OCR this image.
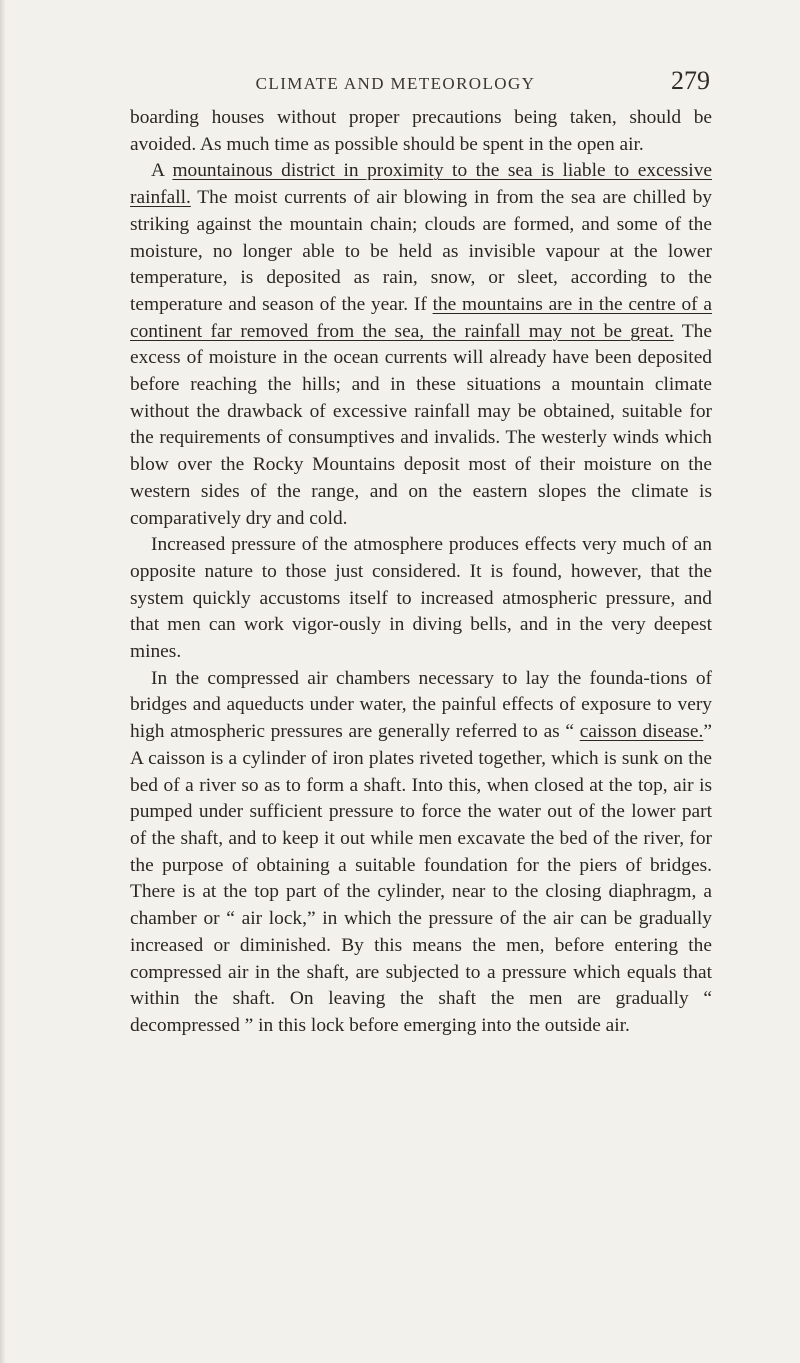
CLIMATE AND METEOROLOGY	279

boarding houses without proper precautions being taken, should be avoided. As much time as possible should be spent in the open air.

A mountainous district in proximity to the sea is liable to excessive rainfall. The moist currents of air blowing in from the sea are chilled by striking against the mountain chain; clouds are formed, and some of the moisture, no longer able to be held as invisible vapour at the lower temperature, is deposited as rain, snow, or sleet, according to the temperature and season of the year. If the mountains are in the centre of a continent far removed from the sea, the rainfall may not be great. The excess of moisture in the ocean currents will already have been deposited before reaching the hills; and in these situations a mountain climate without the drawback of excessive rainfall may be obtained, suitable for the requirements of consumptives and invalids. The westerly winds which blow over the Rocky Mountains deposit most of their moisture on the western sides of the range, and on the eastern slopes the climate is comparatively dry and cold.

Increased pressure of the atmosphere produces effects very much of an opposite nature to those just considered. It is found, however, that the system quickly accustoms itself to increased atmospheric pressure, and that men can work vigor-ously in diving bells, and in the very deepest mines.

In the compressed air chambers necessary to lay the founda-tions of bridges and aqueducts under water, the painful effects of exposure to very high atmospheric pressures are generally referred to as “ caisson disease.” A caisson is a cylinder of iron plates riveted together, which is sunk on the bed of a river so as to form a shaft. Into this, when closed at the top, air is pumped under sufficient pressure to force the water out of the lower part of the shaft, and to keep it out while men excavate the bed of the river, for the purpose of obtaining a suitable foundation for the piers of bridges. There is at the top part of the cylinder, near to the closing diaphragm, a chamber or “ air lock,” in which the pressure of the air can be gradually increased or diminished. By this means the men, before entering the compressed air in the shaft, are subjected to a pressure which equals that within the shaft. On leaving the shaft the men are gradually “ decompressed ” in this lock before emerging into the outside air.
